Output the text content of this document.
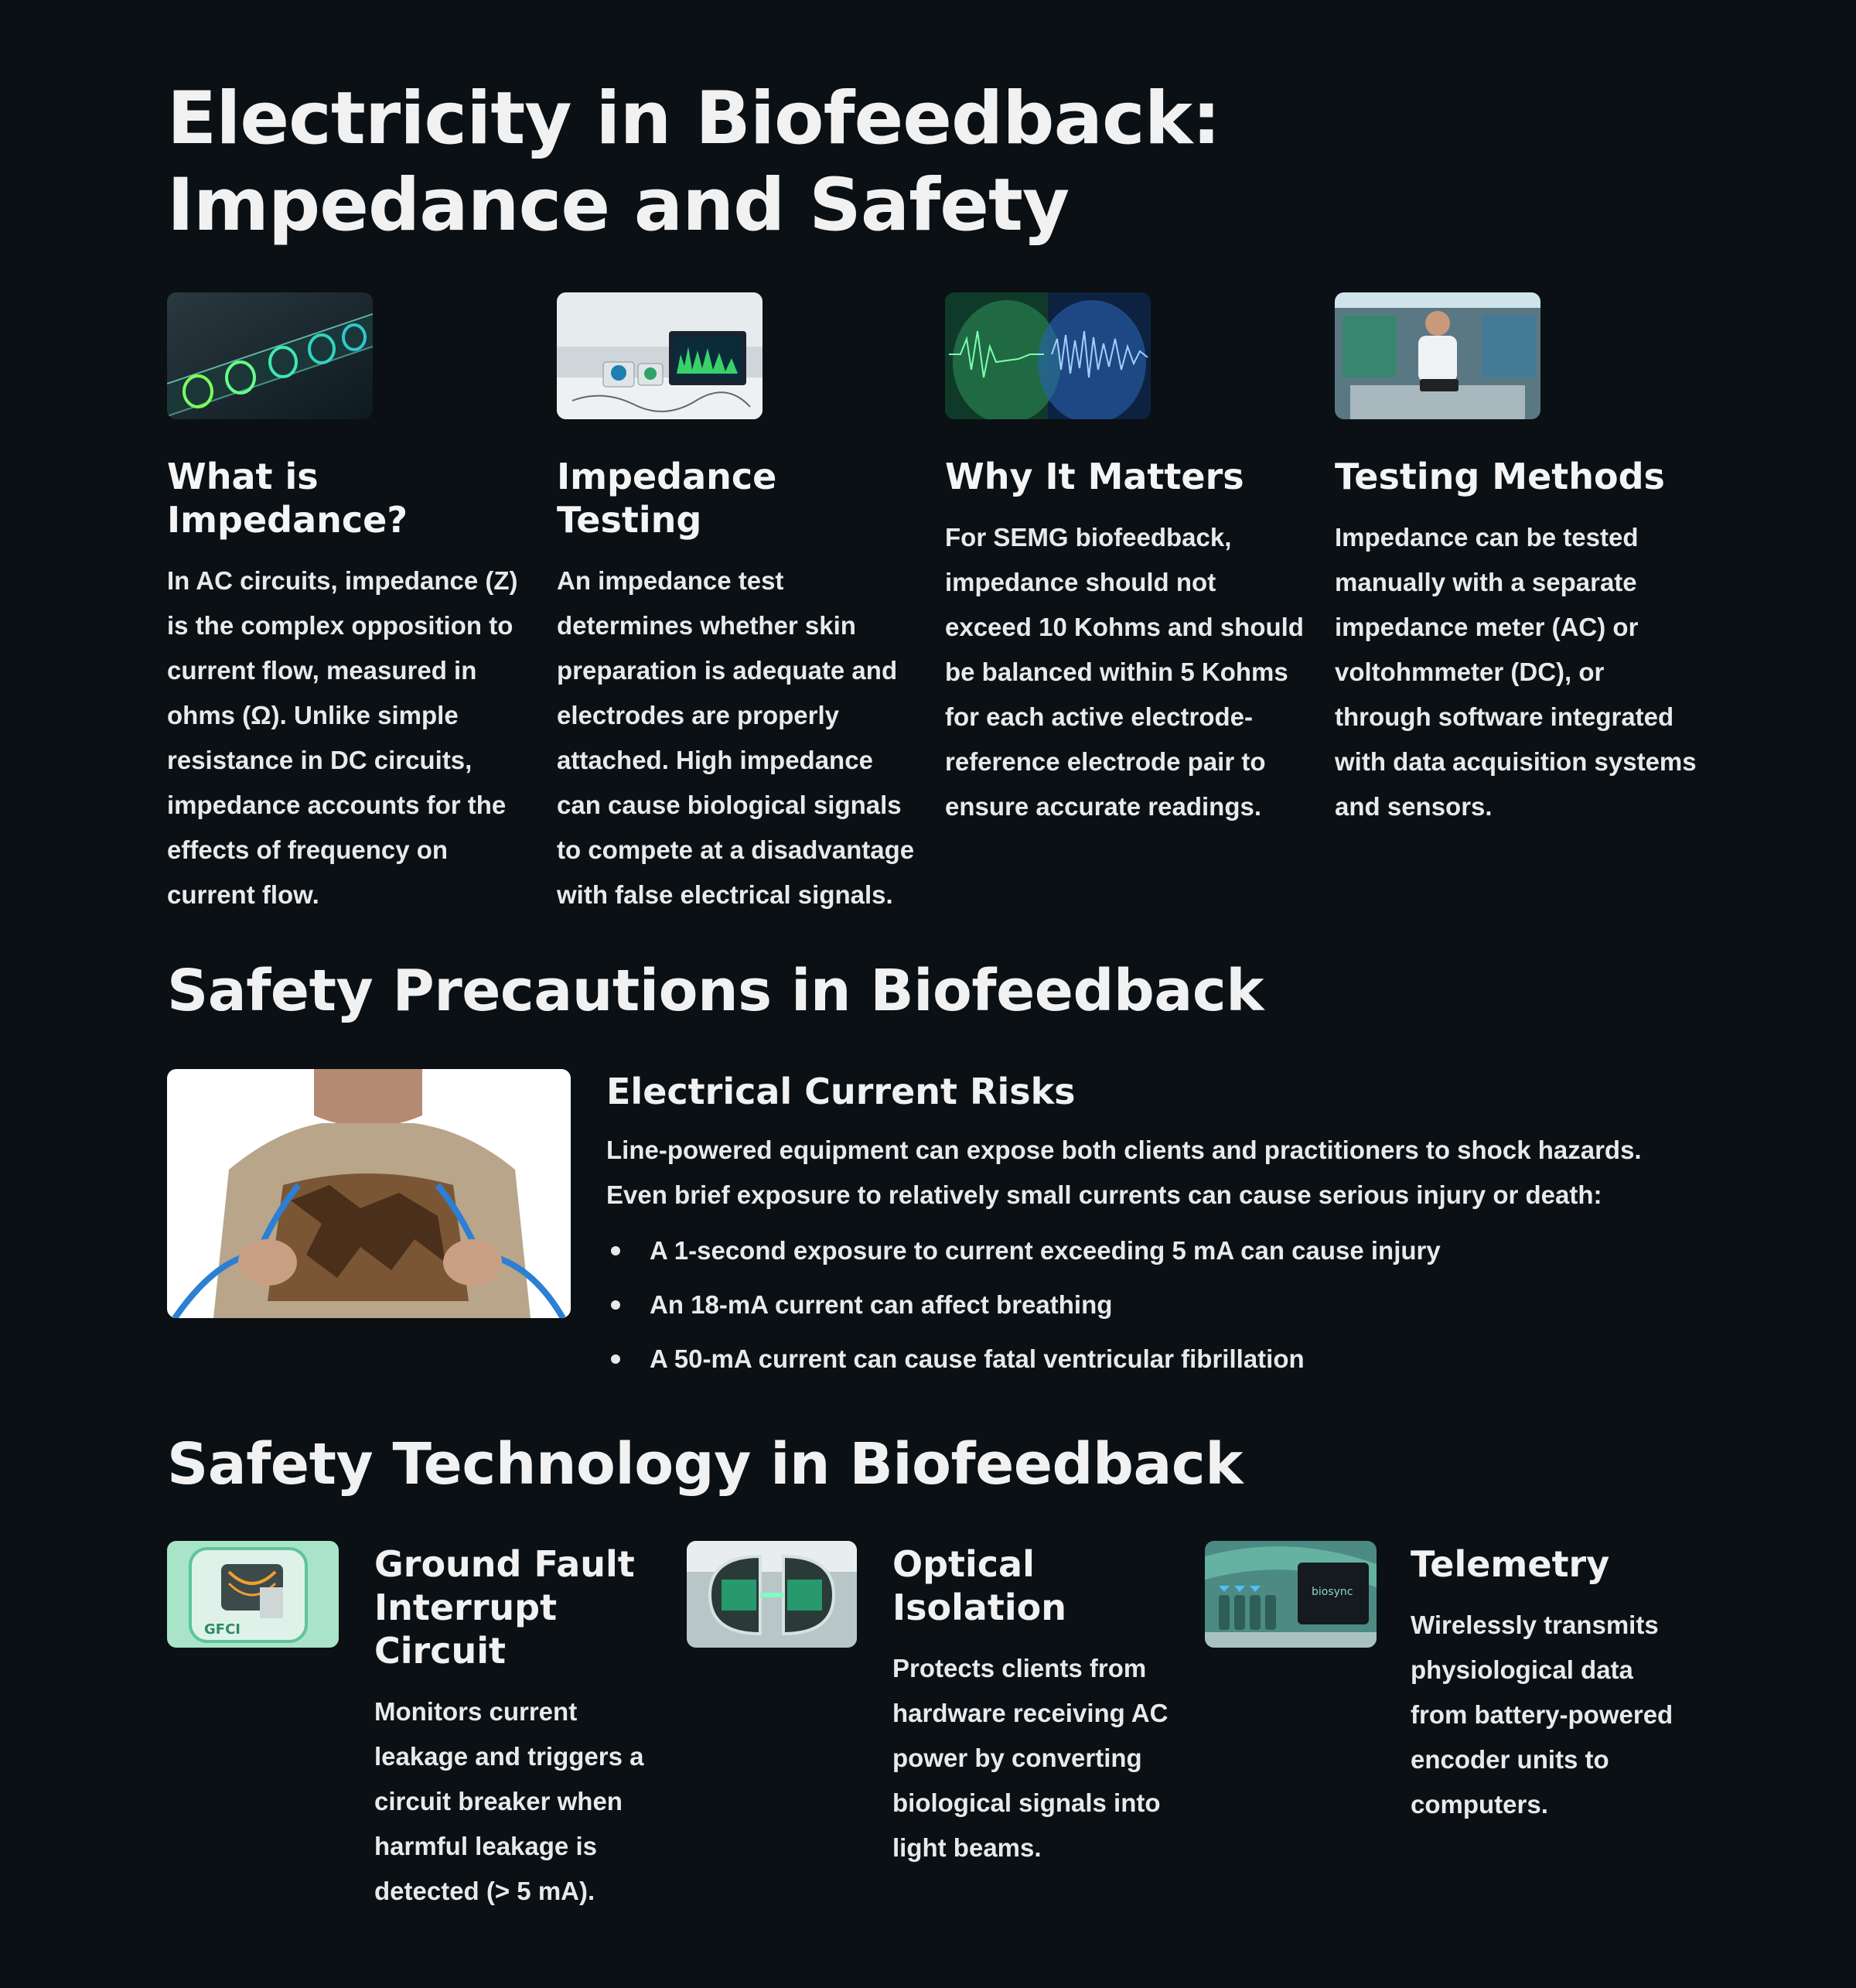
Electricity in Biofeedback: Impedance and Safety
What is Impedance?

In AC circuits, impedance (Z) is the complex opposition to current flow, measured in ohms (Ω). Unlike simple resistance in DC circuits, impedance accounts for the effects of frequency on current flow.

Impedance Testing

An impedance test determines whether skin preparation is adequate and electrodes are properly attached. High impedance can cause biological signals to compete at a disadvantage with false electrical signals.

Why It Matters

For SEMG biofeedback, impedance should not exceed 10 Kohms and should be balanced within 5 Kohms for each active electrode-reference electrode pair to ensure accurate readings.

Testing Methods

Impedance can be tested manually with a separate impedance meter (AC) or voltohmmeter (DC), or through software integrated with data acquisition systems and sensors.

Safety Precautions in Biofeedback
Electrical Current Risks

Line-powered equipment can expose both clients and practitioners to shock hazards. Even brief exposure to relatively small currents can cause serious injury or death:

A 1-second exposure to current exceeding 5 mA can cause injury
An 18-mA current can affect breathing
A 50-mA current can cause fatal ventricular fibrillation
Safety Technology in Biofeedback
GFCI
Ground Fault Interrupt Circuit

Monitors current leakage and triggers a circuit breaker when harmful leakage is detected (> 5 mA).

Optical Isolation

Protects clients from hardware receiving AC power by converting biological signals into light beams.

biosync
Telemetry

Wirelessly transmits physiological data from battery-powered encoder units to computers.
